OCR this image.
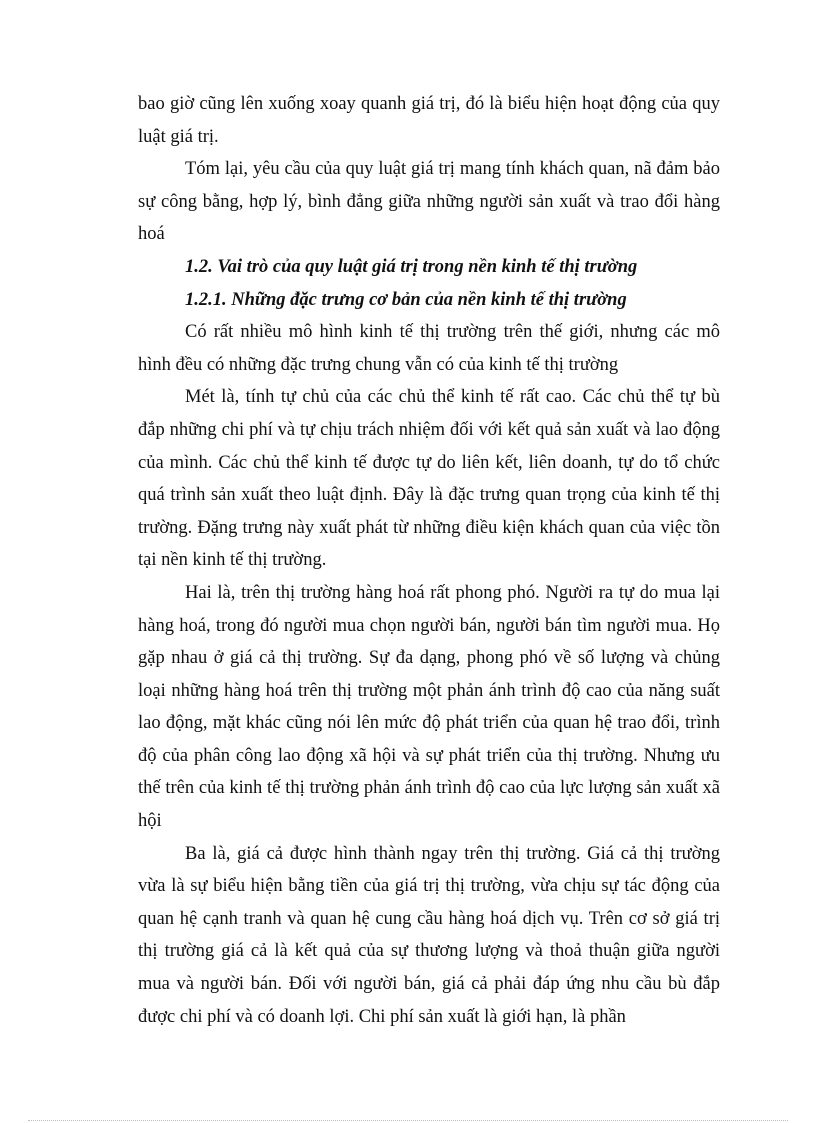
bao giờ cũng lên xuống xoay quanh giá trị, đó là biểu hiện hoạt động của quy luật giá trị.

Tóm lại, yêu cầu của quy luật giá trị mang tính khách quan, nã đảm bảo sự công bằng, hợp lý, bình đẳng giữa những người sản xuất và trao đổi hàng hoá

1.2. Vai trò của quy luật giá trị trong nền kinh tế thị trường

1.2.1. Những đặc trưng cơ bản của nền kinh tế thị trường

Có rất nhiều mô hình kinh tế thị trường trên thế giới, nhưng các mô hình đều có những đặc trưng chung vẫn có của kinh tế thị trường

Mét là, tính tự chủ của các chủ thể kinh tế rất cao. Các chủ thể tự bù đắp những chi phí và tự chịu trách nhiệm đối với kết quả sản xuất và lao động của mình. Các chủ thể kinh tế được tự do liên kết, liên doanh, tự do tổ chức quá trình sản xuất theo luật định. Đây là đặc trưng quan trọng của kinh tế thị trường. Đặng trưng này xuất phát từ những điều kiện khách quan của việc tồn tại nền kinh tế thị trường.

Hai là, trên thị trường hàng hoá rất phong phó. Người ra tự do mua lại hàng hoá, trong đó người mua chọn người bán, người bán tìm người mua. Họ gặp nhau ở giá cả thị trường. Sự đa dạng, phong phó về số lượng và chủng loại những hàng hoá trên thị trường một phản ánh trình độ cao của năng suất lao động, mặt khác cũng nói lên mức độ phát triển của quan hệ trao đổi, trình độ của phân công lao động xã hội và sự phát triển của thị trường. Nhưng ưu thế trên của kinh tế thị trường phản ánh trình độ cao của lực lượng sản xuất xã hội

Ba là, giá cả được hình thành ngay trên thị trường. Giá cả thị trường vừa là sự biểu hiện bằng tiền của giá trị thị trường, vừa chịu sự tác động của quan hệ cạnh tranh và quan hệ cung cầu hàng hoá dịch vụ. Trên cơ sở giá trị thị trường giá cả là kết quả của sự thương lượng và thoả thuận giữa người mua và người bán. Đối với người bán, giá cả phải đáp ứng nhu cầu bù đắp được chi phí và có doanh lợi. Chi phí sản xuất là giới hạn, là phần
